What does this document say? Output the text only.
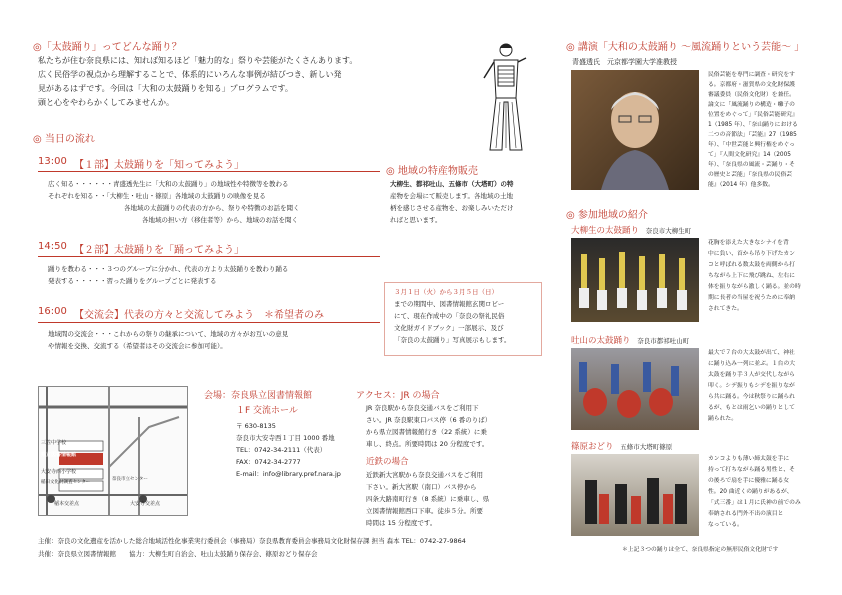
◎「太鼓踊り」ってどんな踊り？
私たちが住む奈良県には、知れば知るほど「魅力的な」祭りや芸能がたくさんあります。
広く民俗学の視点から理解することで、体系的にいろんな事例が結びつき、新しい発
見があるはずです。今回は「大和の太鼓踊りを知る」プログラムです。
頭と心をやわらかくしてみませんか。
◎ 当日の流れ
13:00 【１部】太鼓踊りを「知ってみよう」
広く知る・・・・・・青盛透先生に「大和の太鼓踊り」の地域性や特徴等を教わる
それぞれを知る・・「大柳生・吐山・篠原」各地域の太鼓踊りの映像を見る
各地域の太鼓踊りの代表の方から、祭りや特徴のお話を聞く
各地域の担い方（移住者等）から、地域のお話を聞く
14:50 【２部】太鼓踊りを「踊ってみよう」
踊りを教わる・・・３つのグループに分かれ、代表の方より太鼓踊りを教わり踊る
発表する・・・・・習った踊りをグループごとに発表する
16:00 【交流会】代表の方々と交流してみよう　＊希望者のみ
地域間の交流会・・・これからの祭りの継承について、地域の方々がお互いの意見
や情報を交換、交流する（希望者はその交流会に参加可能）。
◎ 地域の特産物販売
大柳生、都祁吐山、五條市（大塔町）の特
産物を会場にて販売します。各地域の土地
柄を感じさせる産物を、お楽しみいただけ
ればと思います。
３月１日（火）から３月５日（日）
までの期間中、図書情報館玄関ロビー
にて、現在作成中の「奈良の祭礼民俗
文化財ガイドブック」一部展示、及び
「奈良の太鼓踊り」写真展示もします。
三笠中学校
県立図書情報館
大安寺西小学校
稲田文化財調査センター
稲本交差点	大安寺交差点
奈良市立センター
会場：奈良県立図書情報館
１F 交流ホール
〒 630-8135
奈良市大安寺西１丁目 1000 番地
TEL：0742-34-2111（代表）
FAX：0742-34-2777
E-mail：info@library.pref.nara.jp
アクセス：JR の場合
JR 奈良駅から奈良交通バスをご利用下
さい。JR 奈良駅東口バス停（6 番のりば）
から県立図書情報館行き（22 系統）に乗
車し、終点。所要時間は 20 分程度です。
近鉄の場合
近鉄新大宮駅から奈良交通バスをご利用
下さい。新大宮駅（南口）バス停から
四条大路南町行き（8 系統）に乗車し、県
立図書情報館西口下車。徒歩５分。所要
時間は 15 分程度です。
主催：奈良の文化遺産を活かした総合地域活性化事業実行委員会（事務局）奈良県教育委員会事務局文化財保存課 担当 森本 TEL：0742-27-9864
共催：奈良県立図書情報館　　協力：大柳生町自治会、吐山太鼓踊り保存会、篠原おどり保存会
◎ 講演「大和の太鼓踊り ～風流踊りという芸能～ 」
青盛透氏　元京都学園大学准教授
民俗芸能を専門に調査・研究をす
る。京都府・滋賀県の文化財保護
審議委員（民俗文化財）を兼任。
論文に「風流踊りの構造・囃子の
位置をめぐって」『民俗芸能研究』
1（1985 年）、「奈山踊りにおける
二つの音節法」『芸能』27（1985
年）、「中世芸能と興行権をめぐっ
て」『人間文化研究』14（2005
年）、「奈良県の風流・芸踊り・そ
の歴史と芸能」『奈良県の民俗芸
能』（2014 年）他多数。
◎ 参加地域の紹介
大柳生の太鼓踊り 奈良市大柳生町
花胸を添えた大きなシナイを背
中に負い、首から吊り下げたカン
コと呼ばれる数太鼓を両側から打
ちながら上下に飛び跳ね、左右に
体を振りながら激しく踊る。並の時
期に長者の当屋を祝うために奉納
されてきた。
吐山の太鼓踊り 奈良市都祁吐山町
最大で７台の大太鼓が出て、神社
に踊り込み一列に並ぶ。１台の大
太鼓を踊り手３人が交代しながら
叩く。シデ振りもシデを振りなが
ら共に踊る。今は秋祭りに踊られ
るが、もとは雨乞いの踊りとして
踊られた。
篠原おどり 五條市大塔町篠原
カンコよりも薄い締太鼓を手に
持って打ちながら踊る男性と、そ
の後ろで扇を手に優雅に踊る女
性。20 曲近くの踊りがあるが、
「式三番」は１月に氏神の前でのみ
奉納される門外不出の演目と
なっている。
＊上記３つの踊りは全て、奈良県指定の無形民俗文化財です
